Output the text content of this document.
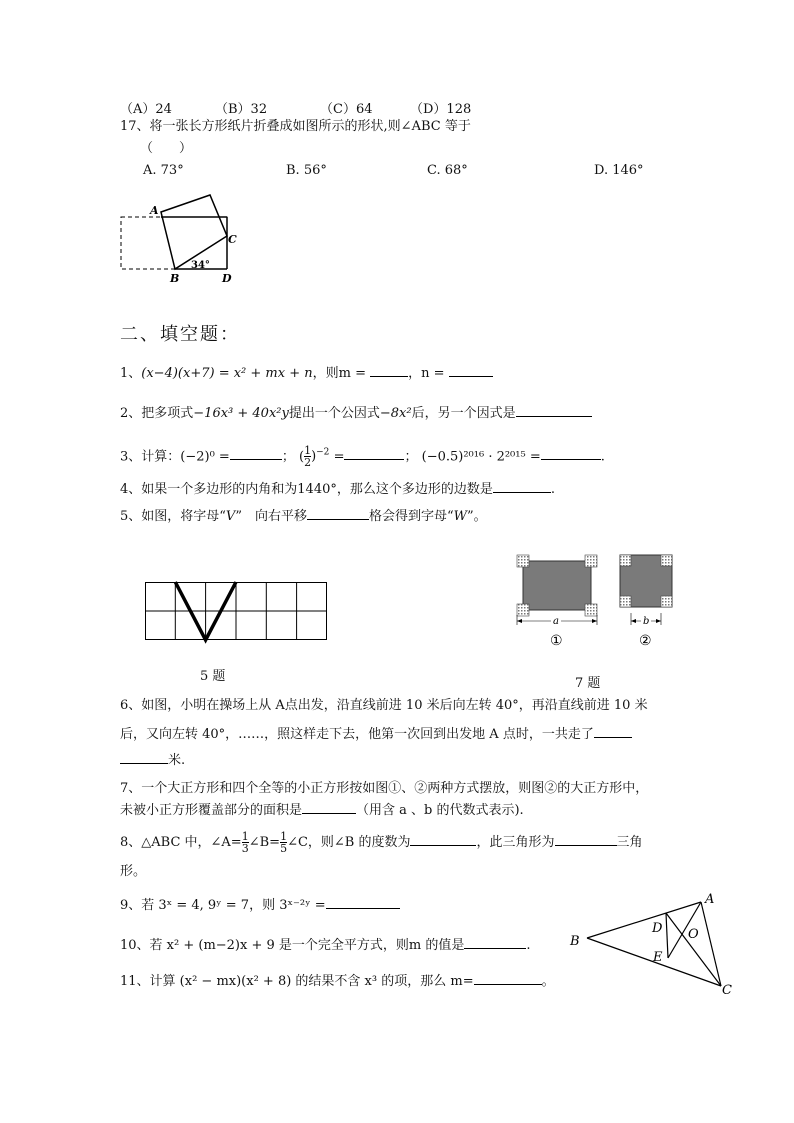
（A）24	（B）32	（C）64	（D）128
17、将一张长方形纸片折叠成如图所示的形状,则∠ABC 等于
（　　）
A. 73°	B. 56°	C. 68°	D. 146°
A
B
C
D
34°
二、填空题：
1、(x−4)(x+7) = x² + mx + n，则m =	，n =
2、把多项式−16x³ + 40x²y提出一个公因式−8x²后，另一个因式是
3、计算：(−2)⁰ =	； ( $\frac{1}{2} )^{-2}$ =	； (−0.5)²⁰¹⁶ · 2²⁰¹⁵ =	.
4、如果一个多边形的内角和为1440°，那么这个多边形的边数是	.
5、如图，将字母“V”　向右平移	格会得到字母“W”。
5 题
a
①
b
②
7 题
6、如图，小明在操场上从 A点出发，沿直线前进 10 米后向左转 40°，再沿直线前进 10 米
后，又向左转 40°，……，照这样走下去，他第一次回到出发地 A 点时，一共走了
米.
7、一个大正方形和四个全等的小正方形按如图①、②两种方式摆放，则图②的大正方形中，
未被小正方形覆盖部分的面积是	（用含 a 、b 的代数式表示).
8、△ABC 中，∠A= $\frac{1}{3}$ ∠B= $\frac{1}{5}$ ∠C，则∠B 的度数为	，此三角形为	三角
形。
9、若 3ˣ = 4, 9ʸ = 7，则 3ˣ⁻²ʸ =
10、若 x² + (m−2)x + 9 是一个完全平方式，则m 的值是	.
11、计算 (x² − mx)(x² + 8) 的结果不含 x³ 的项，那么 m=	。
A
B
C
D
E
O
